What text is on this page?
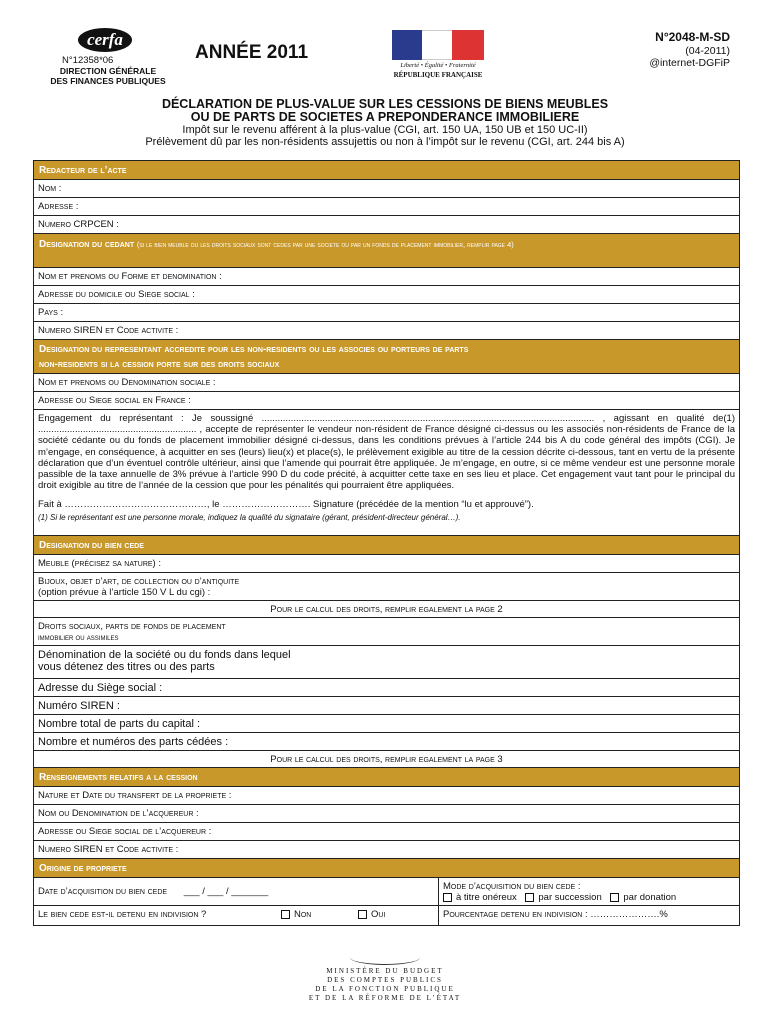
cerfa
N°12358*06
DIRECTION GÉNÉRALE
DES FINANCES PUBLIQUES
ANNÉE 2011
Liberté • Égalité • Fraternité
RÉPUBLIQUE FRANÇAISE
N°2048-M-SD
(04-2011)
@internet-DGFiP
DÉCLARATION DE PLUS-VALUE SUR LES CESSIONS DE BIENS MEUBLES
OU DE PARTS DE SOCIETES A PREPONDERANCE IMMOBILIERE
Impôt sur le revenu afférent à la plus-value (CGI, art. 150 UA, 150 UB et 150 UC-II)
Prélèvement dû par les non-résidents assujettis ou non à l’impôt sur le revenu (CGI, art. 244 bis A)
Redacteur de l’acte
Nom :
Adresse :
Numero CRPCEN :
Designation du cedant (si le bien meuble ou les droits sociaux sont cedes par une societe ou par un fonds de placement immobilier, remplir page 4)
Nom et prenoms ou Forme et denomination :
Adresse du domicile ou Siege social :
Pays :
Numero SIREN et Code activite :
Designation du representant accredite pour les non-residents ou les associes ou porteurs de parts
non-residents si la cession porte sur des droits sociaux
Nom et prenoms ou Denomination sociale :
Adresse ou Siege social en France :
Engagement du représentant : Je soussigné .............................................................................................................................. , agissant en qualité de(1) ............................................................ , accepte de représenter le vendeur non-résident de France désigné ci-dessus ou les associés non-résidents de France de la société cédante ou du fonds de placement immobilier désigné ci-dessus, dans les conditions prévues à l’article 244 bis A du code général des impôts (CGI). Je m’engage, en conséquence, à acquitter en ses (leurs) lieu(x) et place(s), le prélèvement exigible au titre de la cession décrite ci-dessous, tant en vertu de la présente déclaration que d’un éventuel contrôle ultérieur, ainsi que l’amende qui pourrait être appliquée. Je m’engage, en outre, si ce même vendeur est une personne morale passible de la taxe annuelle de 3% prévue à l’article 990 D du code précité, à acquitter cette taxe en ses lieu et place. Cet engagement vaut tant pour le principal du droit exigible au titre de l’année de la cession que pour les pénalités qui pourraient être appliquées.
Fait à ………………………………………, le ………………………. Signature (précédée de la mention “lu et approuvé”).
(1) Si le représentant est une personne morale, indiquez la qualité du signataire (gérant, président-directeur général…).
Designation du bien cede
Meuble (précisez sa nature) :
Bijoux, objet d’art, de collection ou d’antiquite
(option prévue à l’article 150 V L du cgi) :
Pour le calcul des droits, remplir egalement la page 2
Droits sociaux, parts de fonds de placement
immobilier ou assimiles
Dénomination de la société ou du fonds dans lequel
vous détenez des titres ou des parts
Adresse du Siège social :
Numéro SIREN :
Nombre total de parts du capital :
Nombre et numéros des parts cédées :
Pour le calcul des droits, remplir egalement la page 3
Renseignements relatifs a la cession
Nature et Date du transfert de la propriete :
Nom ou Denomination de l’acquereur :
Adresse ou Siege social de l’acquereur :
Numero SIREN et Code activite :
Origine de propriete
Date d’acquisition du bien cede ___ / ___ / _______	Mode d’acquisition du bien cede :
à titre onéreux par succession par donation
Le bien cede est-il detenu en indivision ?	Non	Oui	Pourcentage detenu en indivision : ………………….%
MINISTÈRE DU BUDGET
DES COMPTES PUBLICS
DE LA FONCTION PUBLIQUE
ET DE LA RÉFORME DE L’ÉTAT
